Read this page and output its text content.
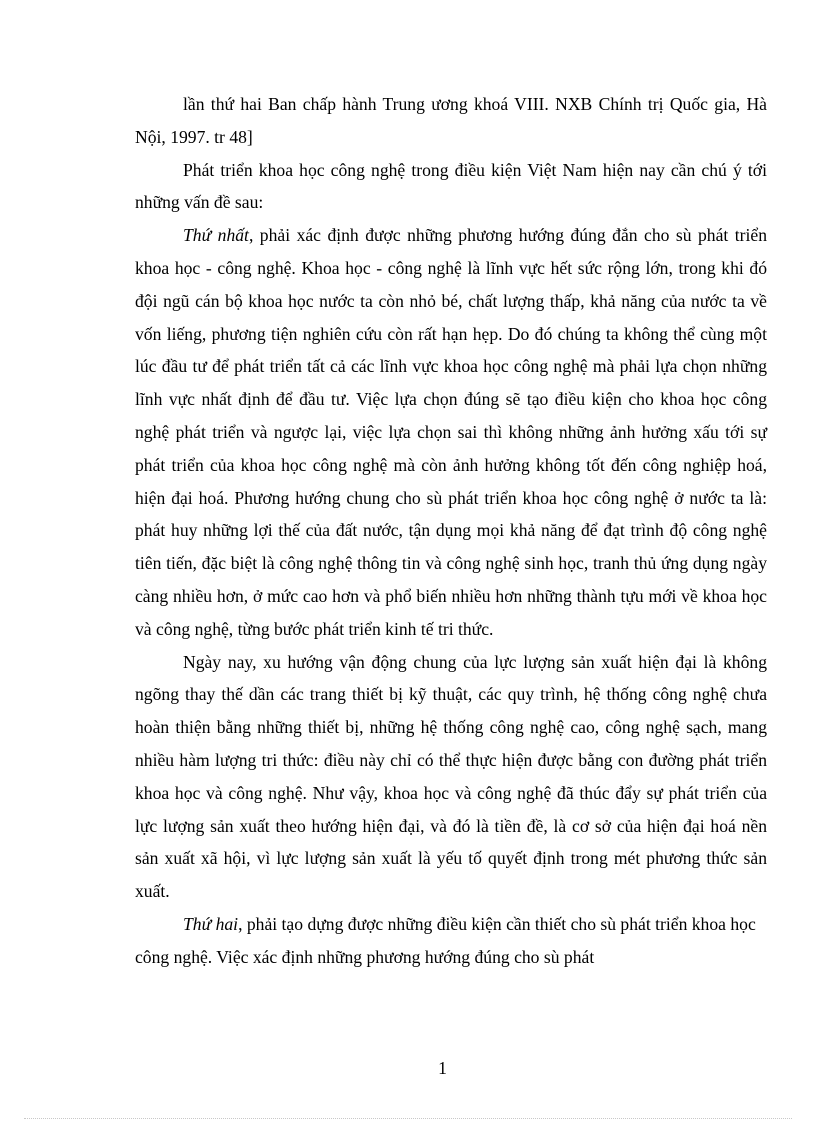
lần thứ hai Ban chấp hành Trung ương khoá VIII. NXB Chính trị Quốc gia, Hà Nội, 1997. tr 48]

Phát triển khoa học công nghệ trong điều kiện Việt Nam hiện nay cần chú ý tới những vấn đề sau:

Thứ nhất, phải xác định được những phương hướng đúng đắn cho sù phát triển khoa học - công nghệ. Khoa học - công nghệ là lĩnh vực hết sức rộng lớn, trong khi đó đội ngũ cán bộ khoa học nước ta còn nhỏ bé, chất lượng thấp, khả năng của nước ta về vốn liếng, phương tiện nghiên cứu còn rất hạn hẹp. Do đó chúng ta không thể cùng một lúc đầu tư để phát triển tất cả các lĩnh vực khoa học công nghệ mà phải lựa chọn những lĩnh vực nhất định để đầu tư. Việc lựa chọn đúng sẽ tạo điều kiện cho khoa học công nghệ phát triển và ngược lại, việc lựa chọn sai thì không những ảnh hưởng xấu tới sự phát triển của khoa học công nghệ mà còn ảnh hưởng không tốt đến công nghiệp hoá, hiện đại hoá. Phương hướng chung cho sù phát triển khoa học công nghệ ở nước ta là: phát huy những lợi thế của đất nước, tận dụng mọi khả năng để đạt trình độ công nghệ tiên tiến, đặc biệt là công nghệ thông tin và công nghệ sinh học, tranh thủ ứng dụng ngày càng nhiều hơn, ở mức cao hơn và phổ biến nhiều hơn những thành tựu mới về khoa học và công nghệ, từng bước phát triển kinh tế tri thức.

Ngày nay, xu hướng vận động chung của lực lượng sản xuất hiện đại là không ngõng thay thế dần các trang thiết bị kỹ thuật, các quy trình, hệ thống công nghệ chưa hoàn thiện bằng những thiết bị, những hệ thống công nghệ cao, công nghệ sạch, mang nhiều hàm lượng tri thức: điều này chỉ có thể thực hiện được bằng con đường phát triển khoa học và công nghệ. Như vậy, khoa học và công nghệ đã thúc đẩy sự phát triển của lực lượng sản xuất theo hướng hiện đại, và đó là tiền đề, là cơ sở của hiện đại hoá nền sản xuất xã hội, vì lực lượng sản xuất là yếu tố quyết định trong mét phương thức sản xuất.

Thứ hai, phải tạo dựng được những điều kiện cần thiết cho sù phát triển khoa học công nghệ. Việc xác định những phương hướng đúng cho sù phát

1
